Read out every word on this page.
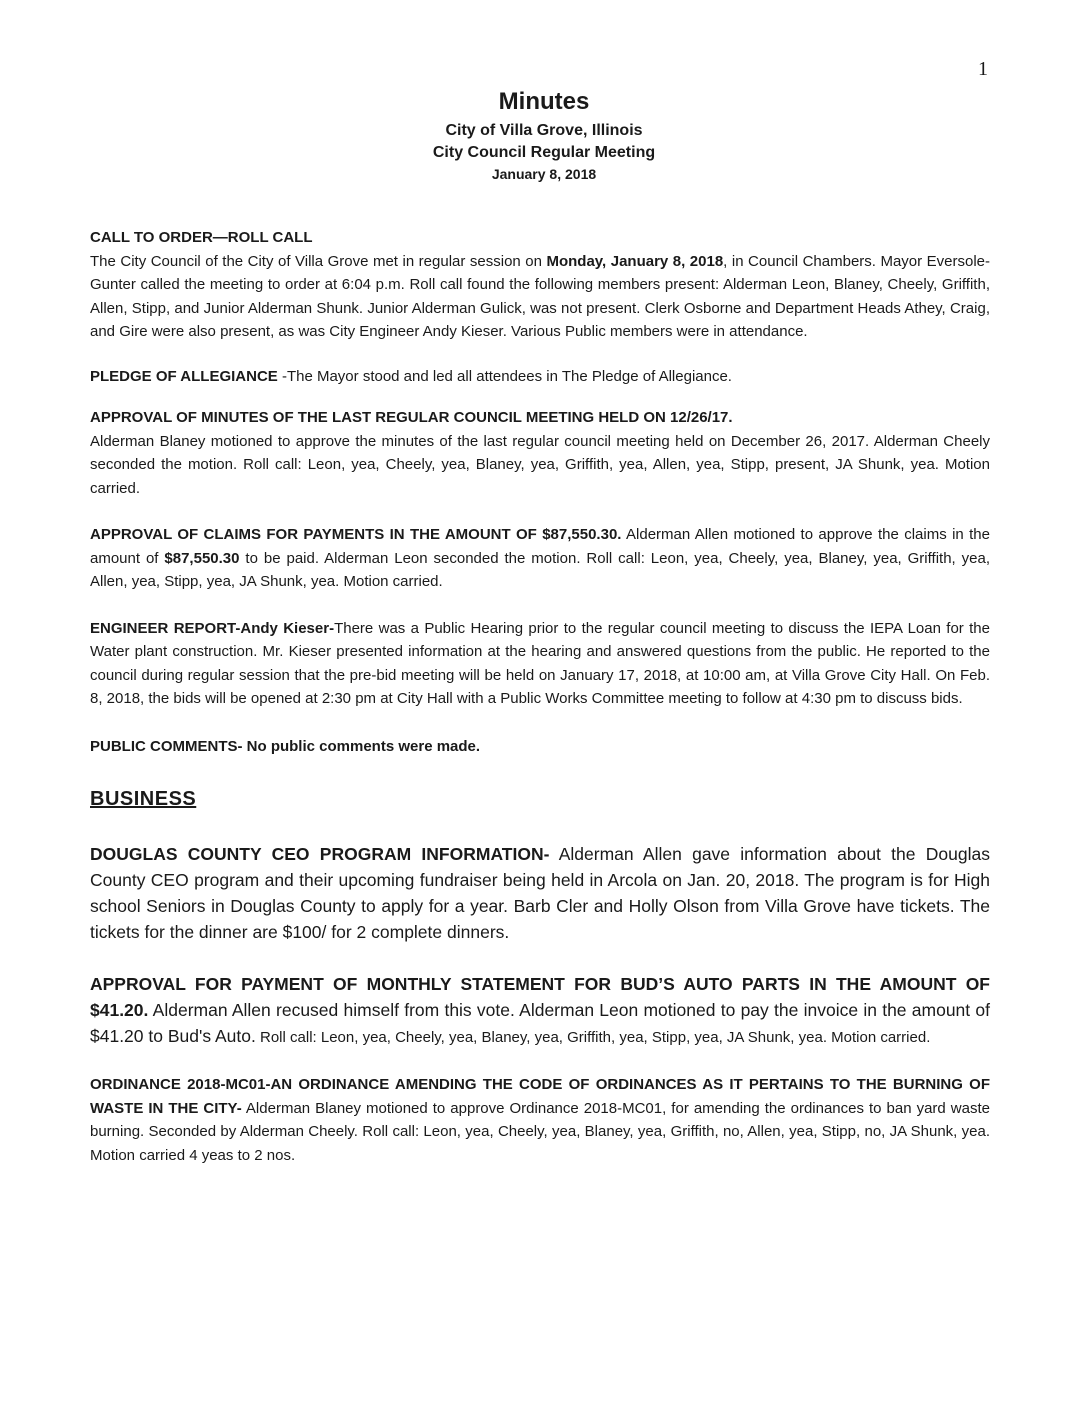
1

Minutes

City of Villa Grove, Illinois

City Council Regular Meeting

January 8, 2018

CALL TO ORDER—ROLL CALL

The City Council of the City of Villa Grove met in regular session on Monday, January 8, 2018, in Council Chambers. Mayor Eversole-Gunter called the meeting to order at 6:04 p.m. Roll call found the following members present: Alderman Leon, Blaney, Cheely, Griffith, Allen, Stipp, and Junior Alderman Shunk. Junior Alderman Gulick, was not present. Clerk Osborne and Department Heads Athey, Craig, and Gire were also present, as was City Engineer Andy Kieser. Various Public members were in attendance.

PLEDGE OF ALLEGIANCE -The Mayor stood and led all attendees in The Pledge of Allegiance.

APPROVAL OF MINUTES OF THE LAST REGULAR COUNCIL MEETING HELD ON 12/26/17.

Alderman Blaney motioned to approve the minutes of the last regular council meeting held on December 26, 2017. Alderman Cheely seconded the motion. Roll call: Leon, yea, Cheely, yea, Blaney, yea, Griffith, yea, Allen, yea, Stipp, present, JA Shunk, yea. Motion carried.

APPROVAL OF CLAIMS FOR PAYMENTS IN THE AMOUNT OF $87,550.30. Alderman Allen motioned to approve the claims in the amount of $87,550.30 to be paid. Alderman Leon seconded the motion. Roll call: Leon, yea, Cheely, yea, Blaney, yea, Griffith, yea, Allen, yea, Stipp, yea, JA Shunk, yea. Motion carried.

ENGINEER REPORT-Andy Kieser-There was a Public Hearing prior to the regular council meeting to discuss the IEPA Loan for the Water plant construction. Mr. Kieser presented information at the hearing and answered questions from the public. He reported to the council during regular session that the pre-bid meeting will be held on January 17, 2018, at 10:00 am, at Villa Grove City Hall. On Feb. 8, 2018, the bids will be opened at 2:30 pm at City Hall with a Public Works Committee meeting to follow at 4:30 pm to discuss bids.

PUBLIC COMMENTS- No public comments were made.

BUSINESS

DOUGLAS COUNTY CEO PROGRAM INFORMATION- Alderman Allen gave information about the Douglas County CEO program and their upcoming fundraiser being held in Arcola on Jan. 20, 2018. The program is for High school Seniors in Douglas County to apply for a year. Barb Cler and Holly Olson from Villa Grove have tickets. The tickets for the dinner are $100/ for 2 complete dinners.

APPROVAL FOR PAYMENT OF MONTHLY STATEMENT FOR BUD’S AUTO PARTS IN THE AMOUNT OF $41.20. Alderman Allen recused himself from this vote. Alderman Leon motioned to pay the invoice in the amount of $41.20 to Bud's Auto. Roll call: Leon, yea, Cheely, yea, Blaney, yea, Griffith, yea, Stipp, yea, JA Shunk, yea. Motion carried.

ORDINANCE 2018-MC01-AN ORDINANCE AMENDING THE CODE OF ORDINANCES AS IT PERTAINS TO THE BURNING OF WASTE IN THE CITY- Alderman Blaney motioned to approve Ordinance 2018-MC01, for amending the ordinances to ban yard waste burning. Seconded by Alderman Cheely. Roll call: Leon, yea, Cheely, yea, Blaney, yea, Griffith, no, Allen, yea, Stipp, no, JA Shunk, yea. Motion carried 4 yeas to 2 nos.
